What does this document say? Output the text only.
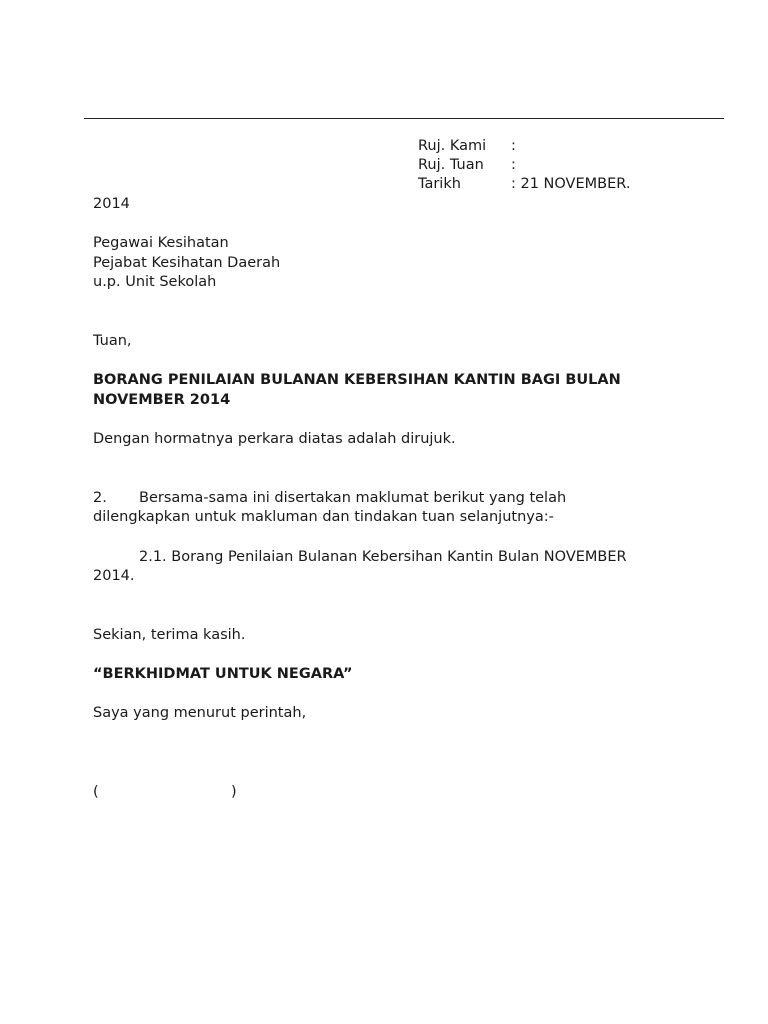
Ruj. Kami :
Ruj. Tuan :
Tarikh	: 21 NOVEMBER.
2014
Pegawai Kesihatan
Pejabat Kesihatan Daerah
u.p. Unit Sekolah
Tuan,
BORANG PENILAIAN BULANAN KEBERSIHAN KANTIN BAGI BULAN
NOVEMBER 2014
Dengan hormatnya perkara diatas adalah dirujuk.
2. Bersama-sama ini disertakan maklumat berikut yang telah
dilengkapkan untuk makluman dan tindakan tuan selanjutnya:-
2.1. Borang Penilaian Bulanan Kebersihan Kantin Bulan NOVEMBER
2014.
Sekian, terima kasih.
“BERKHIDMAT UNTUK NEGARA”
Saya yang menurut perintah,
(	)
